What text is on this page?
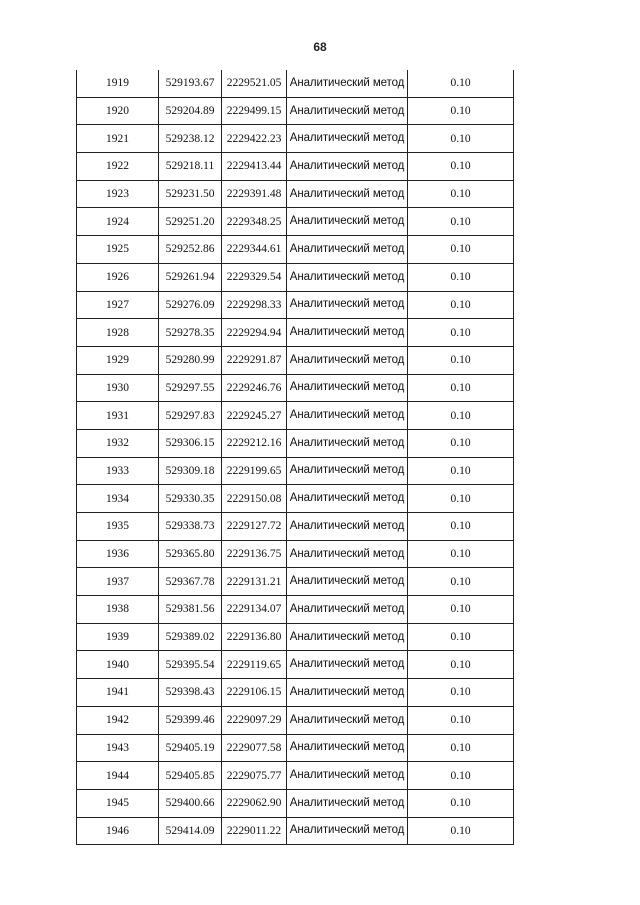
68
1919	529193.67	2229521.05	Аналитический метод	0.10
1920	529204.89	2229499.15	Аналитический метод	0.10
1921	529238.12	2229422.23	Аналитический метод	0.10
1922	529218.11	2229413.44	Аналитический метод	0.10
1923	529231.50	2229391.48	Аналитический метод	0.10
1924	529251.20	2229348.25	Аналитический метод	0.10
1925	529252.86	2229344.61	Аналитический метод	0.10
1926	529261.94	2229329.54	Аналитический метод	0.10
1927	529276.09	2229298.33	Аналитический метод	0.10
1928	529278.35	2229294.94	Аналитический метод	0.10
1929	529280.99	2229291.87	Аналитический метод	0.10
1930	529297.55	2229246.76	Аналитический метод	0.10
1931	529297.83	2229245.27	Аналитический метод	0.10
1932	529306.15	2229212.16	Аналитический метод	0.10
1933	529309.18	2229199.65	Аналитический метод	0.10
1934	529330.35	2229150.08	Аналитический метод	0.10
1935	529338.73	2229127.72	Аналитический метод	0.10
1936	529365.80	2229136.75	Аналитический метод	0.10
1937	529367.78	2229131.21	Аналитический метод	0.10
1938	529381.56	2229134.07	Аналитический метод	0.10
1939	529389.02	2229136.80	Аналитический метод	0.10
1940	529395.54	2229119.65	Аналитический метод	0.10
1941	529398.43	2229106.15	Аналитический метод	0.10
1942	529399.46	2229097.29	Аналитический метод	0.10
1943	529405.19	2229077.58	Аналитический метод	0.10
1944	529405.85	2229075.77	Аналитический метод	0.10
1945	529400.66	2229062.90	Аналитический метод	0.10
1946	529414.09	2229011.22	Аналитический метод	0.10
